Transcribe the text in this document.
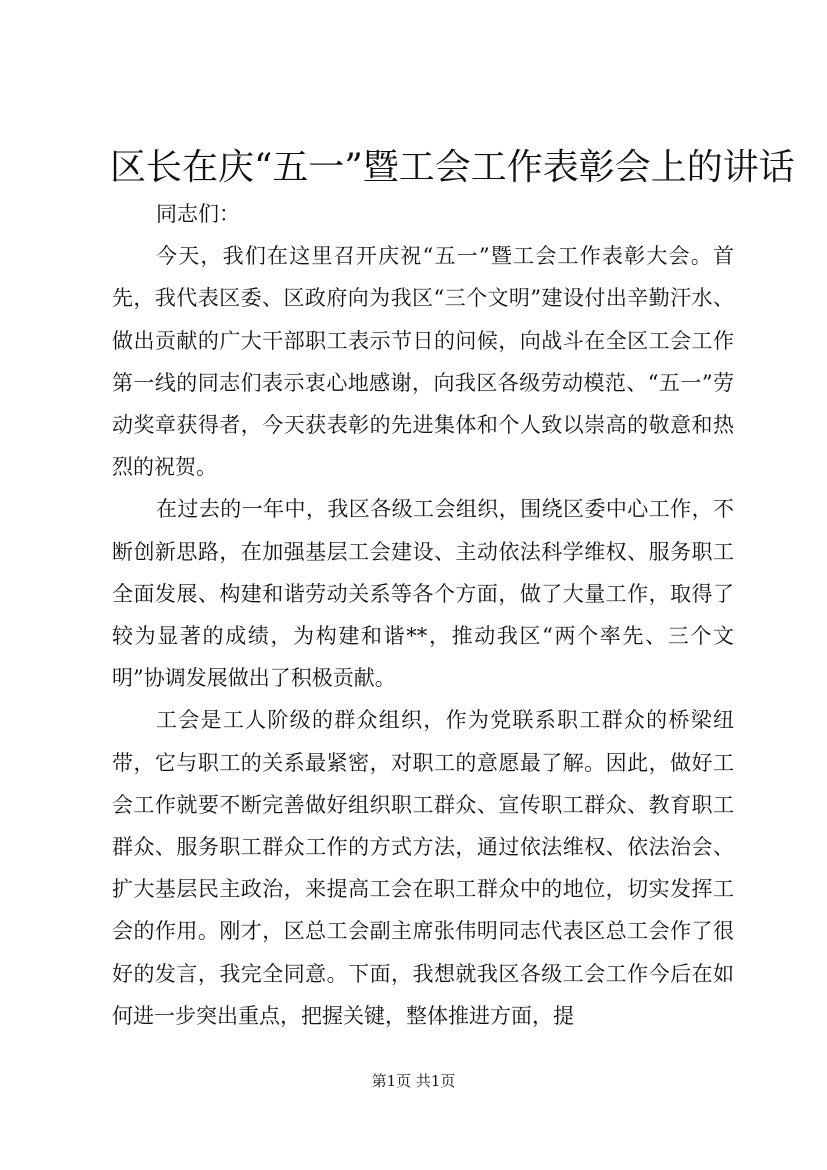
区长在庆“五一”暨工会工作表彰会上的讲话

同志们：

今天，我们在这里召开庆祝“五一”暨工会工作表彰大会。首先，我代表区委、区政府向为我区“三个文明”建设付出辛勤汗水、做出贡献的广大干部职工表示节日的问候，向战斗在全区工会工作第一线的同志们表示衷心地感谢，向我区各级劳动模范、“五一”劳动奖章获得者，今天获表彰的先进集体和个人致以崇高的敬意和热烈的祝贺。

在过去的一年中，我区各级工会组织，围绕区委中心工作，不断创新思路，在加强基层工会建设、主动依法科学维权、服务职工全面发展、构建和谐劳动关系等各个方面，做了大量工作，取得了较为显著的成绩，为构建和谐**，推动我区“两个率先、三个文明”协调发展做出了积极贡献。

工会是工人阶级的群众组织，作为党联系职工群众的桥梁纽带，它与职工的关系最紧密，对职工的意愿最了解。因此，做好工会工作就要不断完善做好组织职工群众、宣传职工群众、教育职工群众、服务职工群众工作的方式方法，通过依法维权、依法治会、扩大基层民主政治，来提高工会在职工群众中的地位，切实发挥工会的作用。刚才，区总工会副主席张伟明同志代表区总工会作了很好的发言，我完全同意。下面，我想就我区各级工会工作今后在如何进一步突出重点，把握关键，整体推进方面，提

第1页 共1页
